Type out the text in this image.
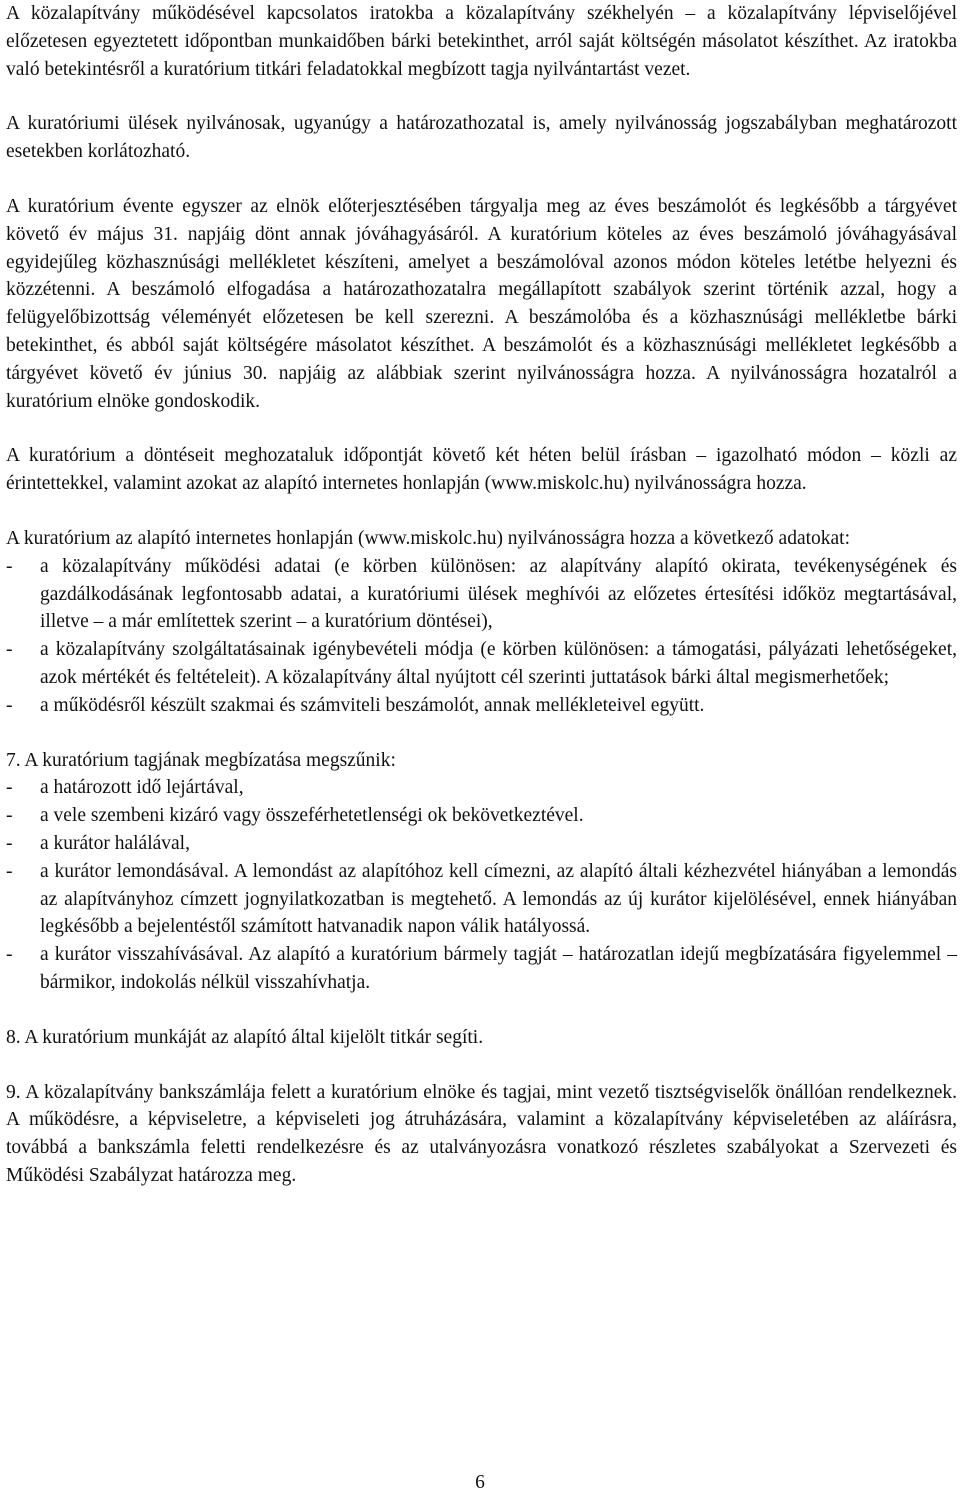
A közalapítvány működésével kapcsolatos iratokba a közalapítvány székhelyén – a közalapítvány lépviselőjével előzetesen egyeztetett időpontban munkaidőben bárki betekinthet, arról saját költségén másolatot készíthet. Az iratokba való betekintésről a kuratórium titkári feladatokkal megbízott tagja nyilvántartást vezet.

A kuratóriumi ülések nyilvánosak, ugyanúgy a határozathozatal is, amely nyilvánosság jogszabályban meghatározott esetekben korlátozható.

A kuratórium évente egyszer az elnök előterjesztésében tárgyalja meg az éves beszámolót és legkésőbb a tárgyévet követő év május 31. napjáig dönt annak jóváhagyásáról. A kuratórium köteles az éves beszámoló jóváhagyásával egyidejűleg közhasznúsági mellékletet készíteni, amelyet a beszámolóval azonos módon köteles letétbe helyezni és közzétenni. A beszámoló elfogadása a határozathozatalra megállapított szabályok szerint történik azzal, hogy a felügyelőbizottság véleményét előzetesen be kell szerezni. A beszámolóba és a közhasznúsági mellékletbe bárki betekinthet, és abból saját költségére másolatot készíthet. A beszámolót és a közhasznúsági mellékletet legkésőbb a tárgyévet követő év június 30. napjáig az alábbiak szerint nyilvánosságra hozza. A nyilvánosságra hozatalról a kuratórium elnöke gondoskodik.

A kuratórium a döntéseit meghozataluk időpontját követő két héten belül írásban – igazolható módon – közli az érintettekkel, valamint azokat az alapító internetes honlapján (www.miskolc.hu) nyilvánosságra hozza.

A kuratórium az alapító internetes honlapján (www.miskolc.hu) nyilvánosságra hozza a következő adatokat:

- a közalapítvány működési adatai (e körben különösen: az alapítvány alapító okirata, tevékenységének és gazdálkodásának legfontosabb adatai, a kuratóriumi ülések meghívói az előzetes értesítési időköz megtartásával, illetve – a már említettek szerint – a kuratórium döntései),
- a közalapítvány szolgáltatásainak igénybevételi módja (e körben különösen: a támogatási, pályázati lehetőségeket, azok mértékét és feltételeit). A közalapítvány által nyújtott cél szerinti juttatások bárki által megismerhetőek;
- a működésről készült szakmai és számviteli beszámolót, annak mellékleteivel együtt.

7. A kuratórium tagjának megbízatása megszűnik:

- a határozott idő lejártával,
- a vele szembeni kizáró vagy összeférhetetlenségi ok bekövetkeztével.
- a kurátor halálával,
- a kurátor lemondásával. A lemondást az alapítóhoz kell címezni, az alapító általi kézhezvétel hiányában a lemondás az alapítványhoz címzett jognyilatkozatban is megtehető. A lemondás az új kurátor kijelölésével, ennek hiányában legkésőbb a bejelentéstől számított hatvanadik napon válik hatályossá.
- a kurátor visszahívásával. Az alapító a kuratórium bármely tagját – határozatlan idejű megbízatására figyelemmel – bármikor, indokolás nélkül visszahívhatja.

8. A kuratórium munkáját az alapító által kijelölt titkár segíti.

9. A közalapítvány bankszámlája felett a kuratórium elnöke és tagjai, mint vezető tisztségviselők önállóan rendelkeznek. A működésre, a képviseletre, a képviseleti jog átruházására, valamint a közalapítvány képviseletében az aláírásra, továbbá a bankszámla feletti rendelkezésre és az utalványozásra vonatkozó részletes szabályokat a Szervezeti és Működési Szabályzat határozza meg.

6
